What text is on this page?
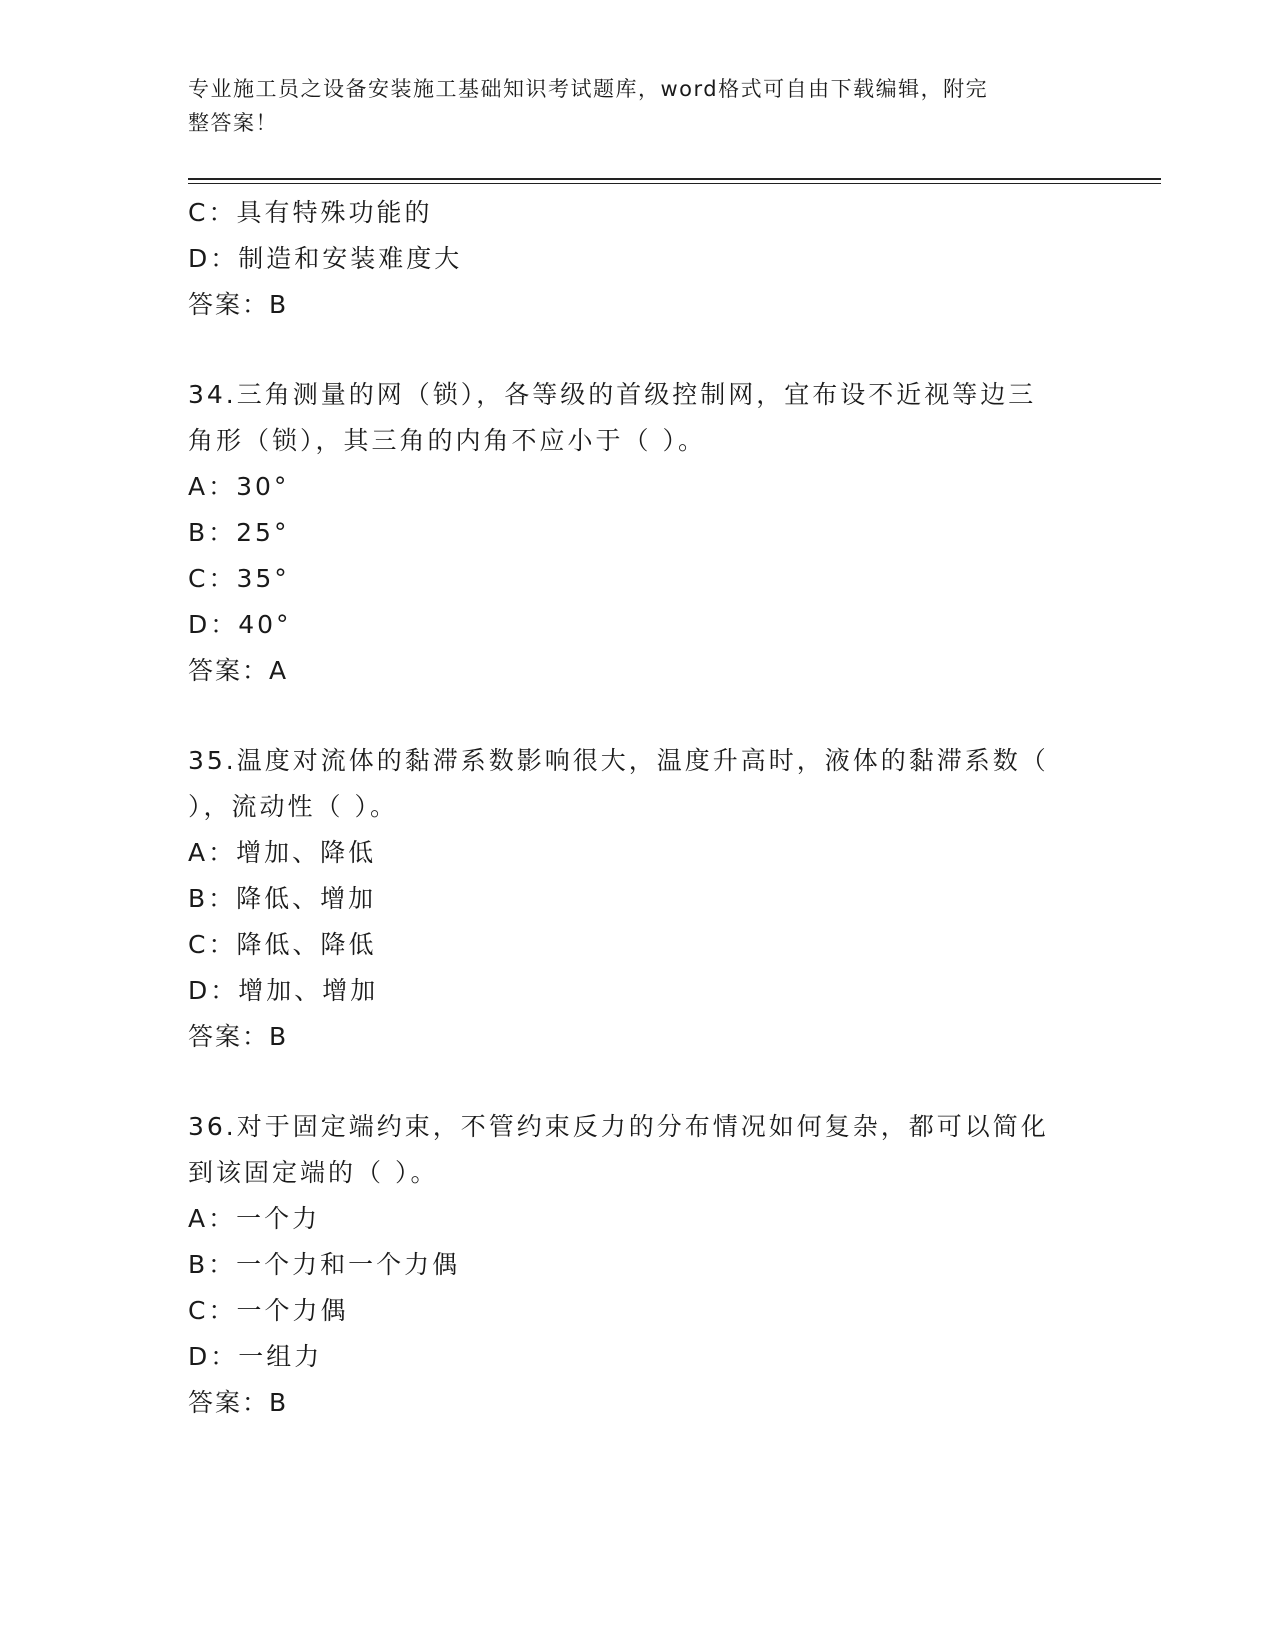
专业施工员之设备安装施工基础知识考试题库，word格式可自由下载编辑，附完
整答案！
C：具有特殊功能的
D：制造和安装难度大
答案：B
34.三角测量的网（锁），各等级的首级控制网，宜布设不近视等边三
角形（锁），其三角的内角不应小于（ ）。
A：30°
B：25°
C：35°
D：40°
答案：A
35.温度对流体的黏滞系数影响很大，温度升高时，液体的黏滞系数（
），流动性（ ）。
A：增加、降低
B：降低、增加
C：降低、降低
D：增加、增加
答案：B
36.对于固定端约束，不管约束反力的分布情况如何复杂，都可以简化
到该固定端的（ ）。
A：一个力
B：一个力和一个力偶
C：一个力偶
D：一组力
答案：B
